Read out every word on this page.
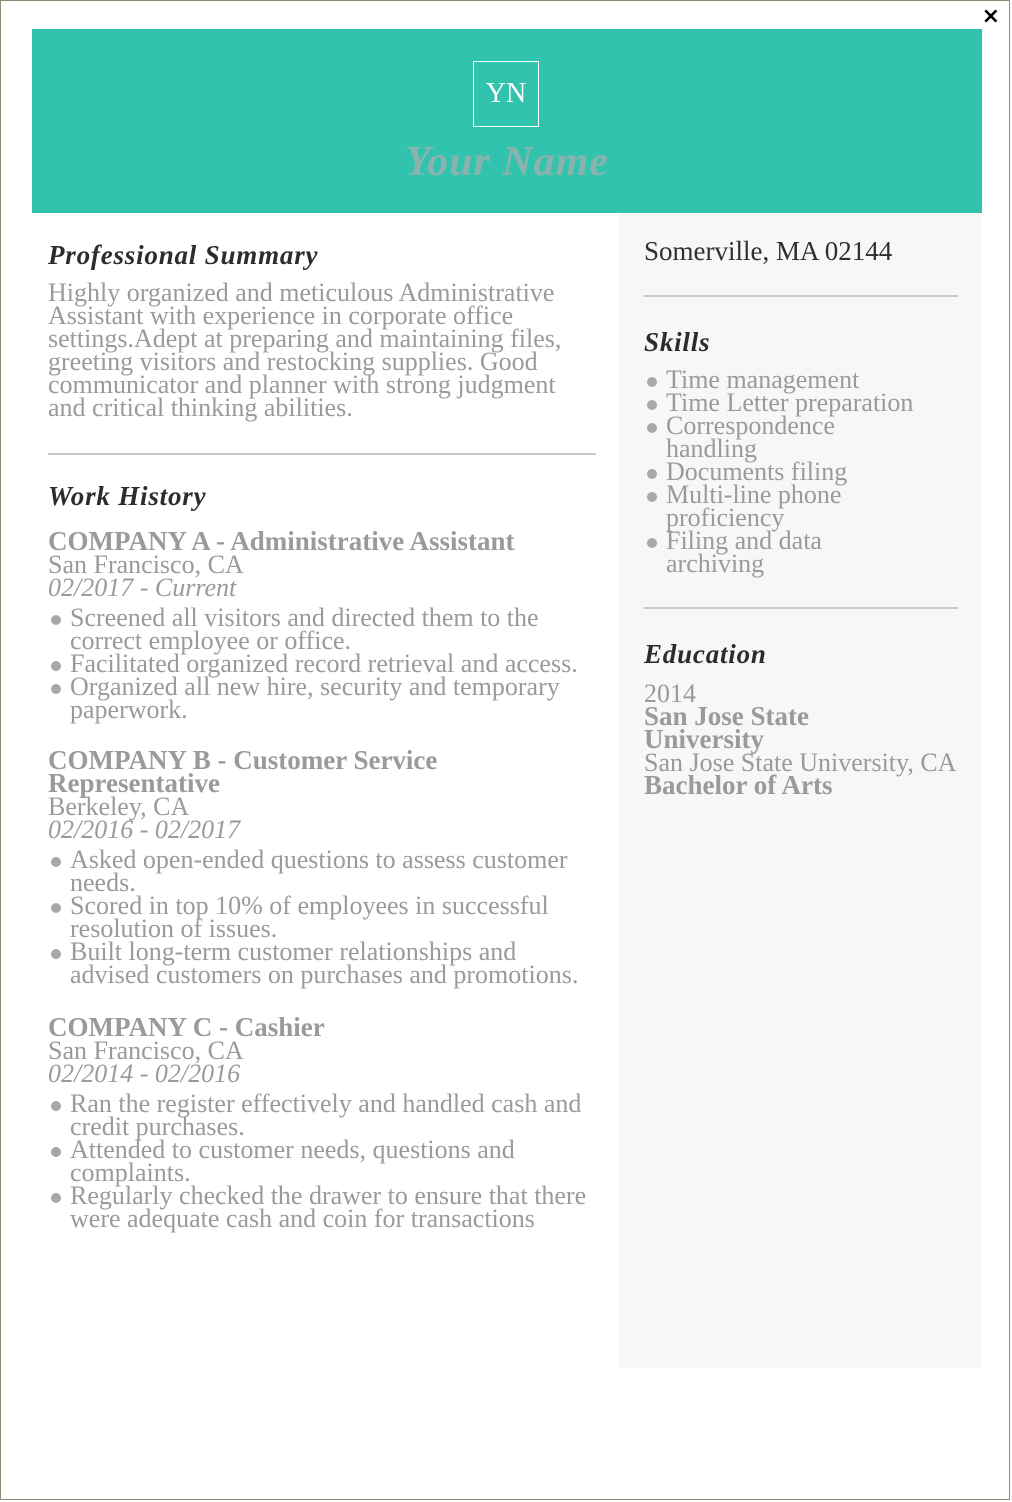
×
YN
Your Name
Professional Summary
Highly organized and meticulous Administrative Assistant with experience in corporate office settings.Adept at preparing and maintaining files, greeting visitors and restocking supplies. Good communicator and planner with strong judgment and critical thinking abilities.
Work History
COMPANY A - Administrative Assistant
San Francisco, CA
02/2017 - Current
Screened all visitors and directed them to the correct employee or office.
Facilitated organized record retrieval and access.
Organized all new hire, security and temporary paperwork.
COMPANY B - Customer Service Representative
Berkeley, CA
02/2016 - 02/2017
Asked open-ended questions to assess customer needs.
Scored in top 10% of employees in successful resolution of issues.
Built long-term customer relationships and advised customers on purchases and promotions.
COMPANY C - Cashier
San Francisco, CA
02/2014 - 02/2016
Ran the register effectively and handled cash and credit purchases.
Attended to customer needs, questions and complaints.
Regularly checked the drawer to ensure that there were adequate cash and coin for transactions
Somerville, MA 02144
Skills
Time management
Time Letter preparation
Correspondence handling
Documents filing
Multi-line phone proficiency
Filing and data archiving
Education
2014
San Jose State University
San Jose State University, CA
Bachelor of Arts
